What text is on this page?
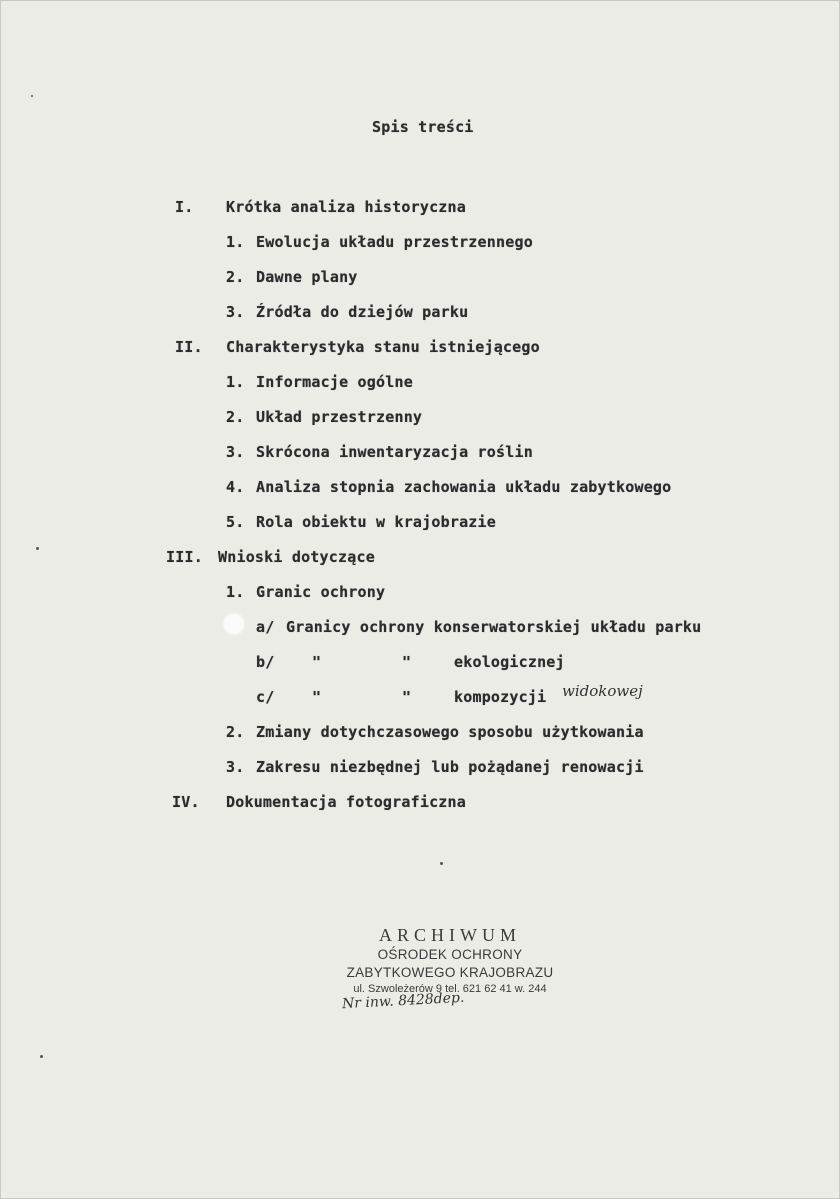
Spis treści
I. Krótka analiza historyczna
1. Ewolucja układu przestrzennego
2. Dawne plany
3. Źródła do dziejów parku
II. Charakterystyka stanu istniejącego
1. Informacje ogólne
2. Układ przestrzenny
3. Skrócona inwentaryzacja roślin
4. Analiza stopnia zachowania układu zabytkowego
5. Rola obiektu w krajobrazie
III. Wnioski dotyczące
1. Granic ochrony
a/ Granicy ochrony konserwatorskiej układu parku
b/	"	"	ekologicznej
c/	"	"	kompozycji widokowej
2. Zmiany dotychczasowego sposobu użytkowania
3. Zakresu niezbędnej lub pożądanej renowacji
IV. Dokumentacja fotograficzna
ARCHIWUM
OŚRODEK OCHRONY
ZABYTKOWEGO KRAJOBRAZU
ul. Szwoleżerów 9 tel. 621 62 41 w. 244
Nr inw. 8428dep.
